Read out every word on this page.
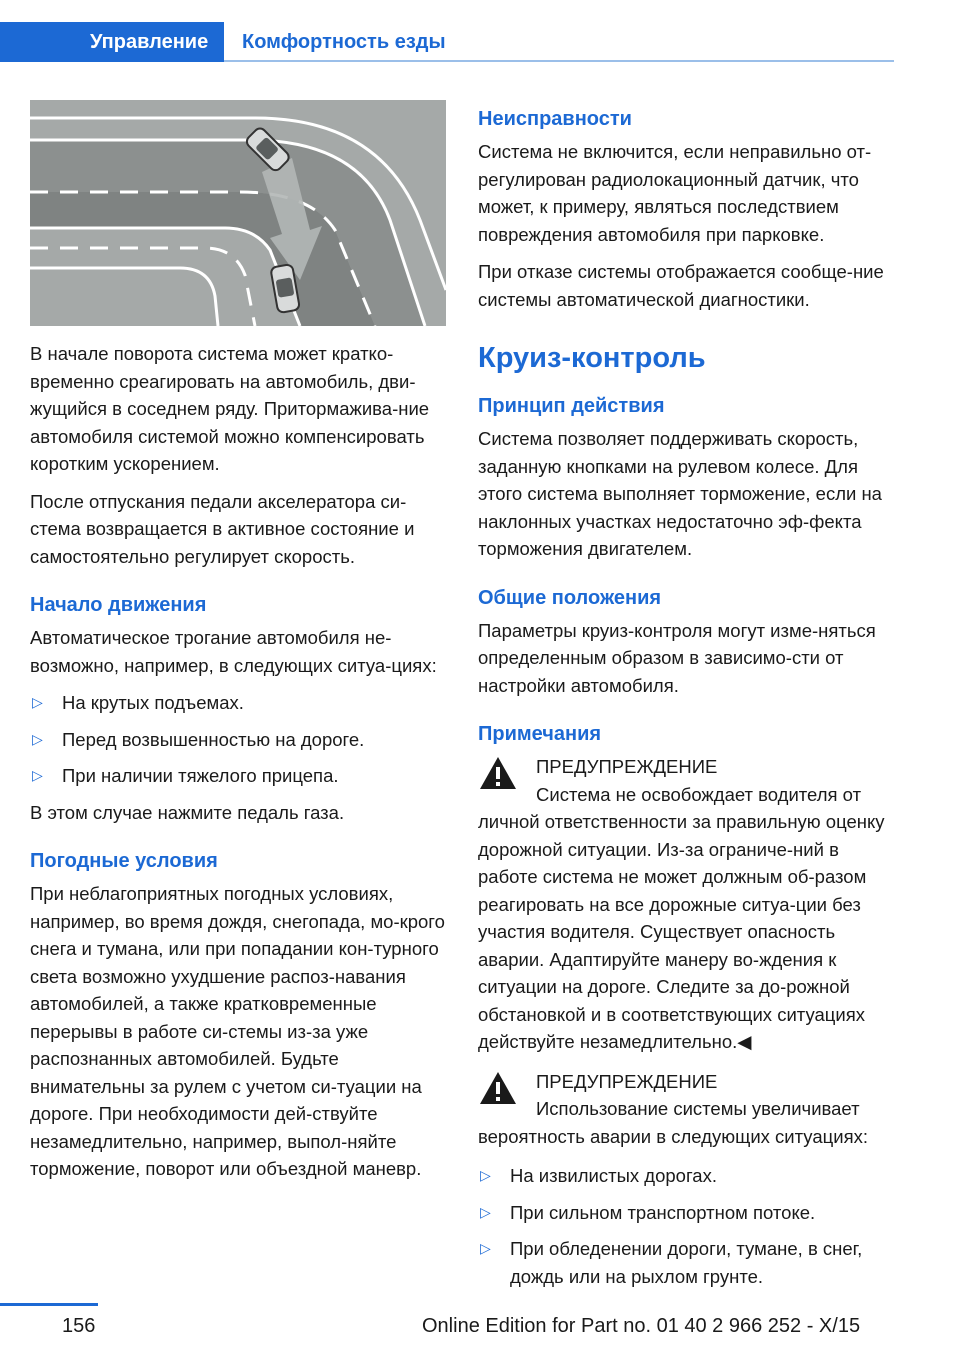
Управление	Комфортность езды

В начале поворота система может кратко-временно среагировать на автомобиль, дви-жущийся в соседнем ряду. Притормажива-ние автомобиля системой можно компенсировать коротким ускорением.

После отпускания педали акселератора си-стема возвращается в активное состояние и самостоятельно регулирует скорость.

Начало движения

Автоматическое трогание автомобиля не-возможно, например, в следующих ситуа-циях:

▷ На крутых подъемах.
▷ Перед возвышенностью на дороге.
▷ При наличии тяжелого прицепа.

В этом случае нажмите педаль газа.

Погодные условия

При неблагоприятных погодных условиях, например, во время дождя, снегопада, мо-крого снега и тумана, или при попадании кон-турного света возможно ухудшение распоз-навания автомобилей, а также кратковременные перерывы в работе си-стемы из-за уже распознанных автомобилей. Будьте внимательны за рулем с учетом си-туации на дороге. При необходимости дей-ствуйте незамедлительно, например, выпол-няйте торможение, поворот или объездной маневр.

Неисправности

Система не включится, если неправильно от-регулирован радиолокационный датчик, что может, к примеру, являться последствием повреждения автомобиля при парковке.

При отказе системы отображается сообще-ние системы автоматической диагностики.

Круиз-контроль
Принцип действия

Система позволяет поддерживать скорость, заданную кнопками на рулевом колесе. Для этого система выполняет торможение, если на наклонных участках недостаточно эф-фекта торможения двигателем.

Общие положения

Параметры круиз-контроля могут изме-няться определенным образом в зависимо-сти от настройки автомобиля.

Примечания
ПРЕДУПРЕЖДЕНИЕ

Система не освобождает водителя от личной ответственности за правильную оценку дорожной ситуации. Из-за ограниче-ний в работе система не может должным об-разом реагировать на все дорожные ситуа-ции без участия водителя. Существует опасность аварии. Адаптируйте манеру во-ждения к ситуации на дороге. Следите за до-рожной обстановкой и в соответствующих ситуациях действуйте незамедлительно.◀

ПРЕДУПРЕЖДЕНИЕ

Использование системы увеличивает вероятность аварии в следующих ситуациях:

▷ На извилистых дорогах.
▷ При сильном транспортном потоке.
▷ При обледенении дороги, тумане, в снег, дождь или на рыхлом грунте.
156	Online Edition for Part no. 01 40 2 966 252 - X/15
